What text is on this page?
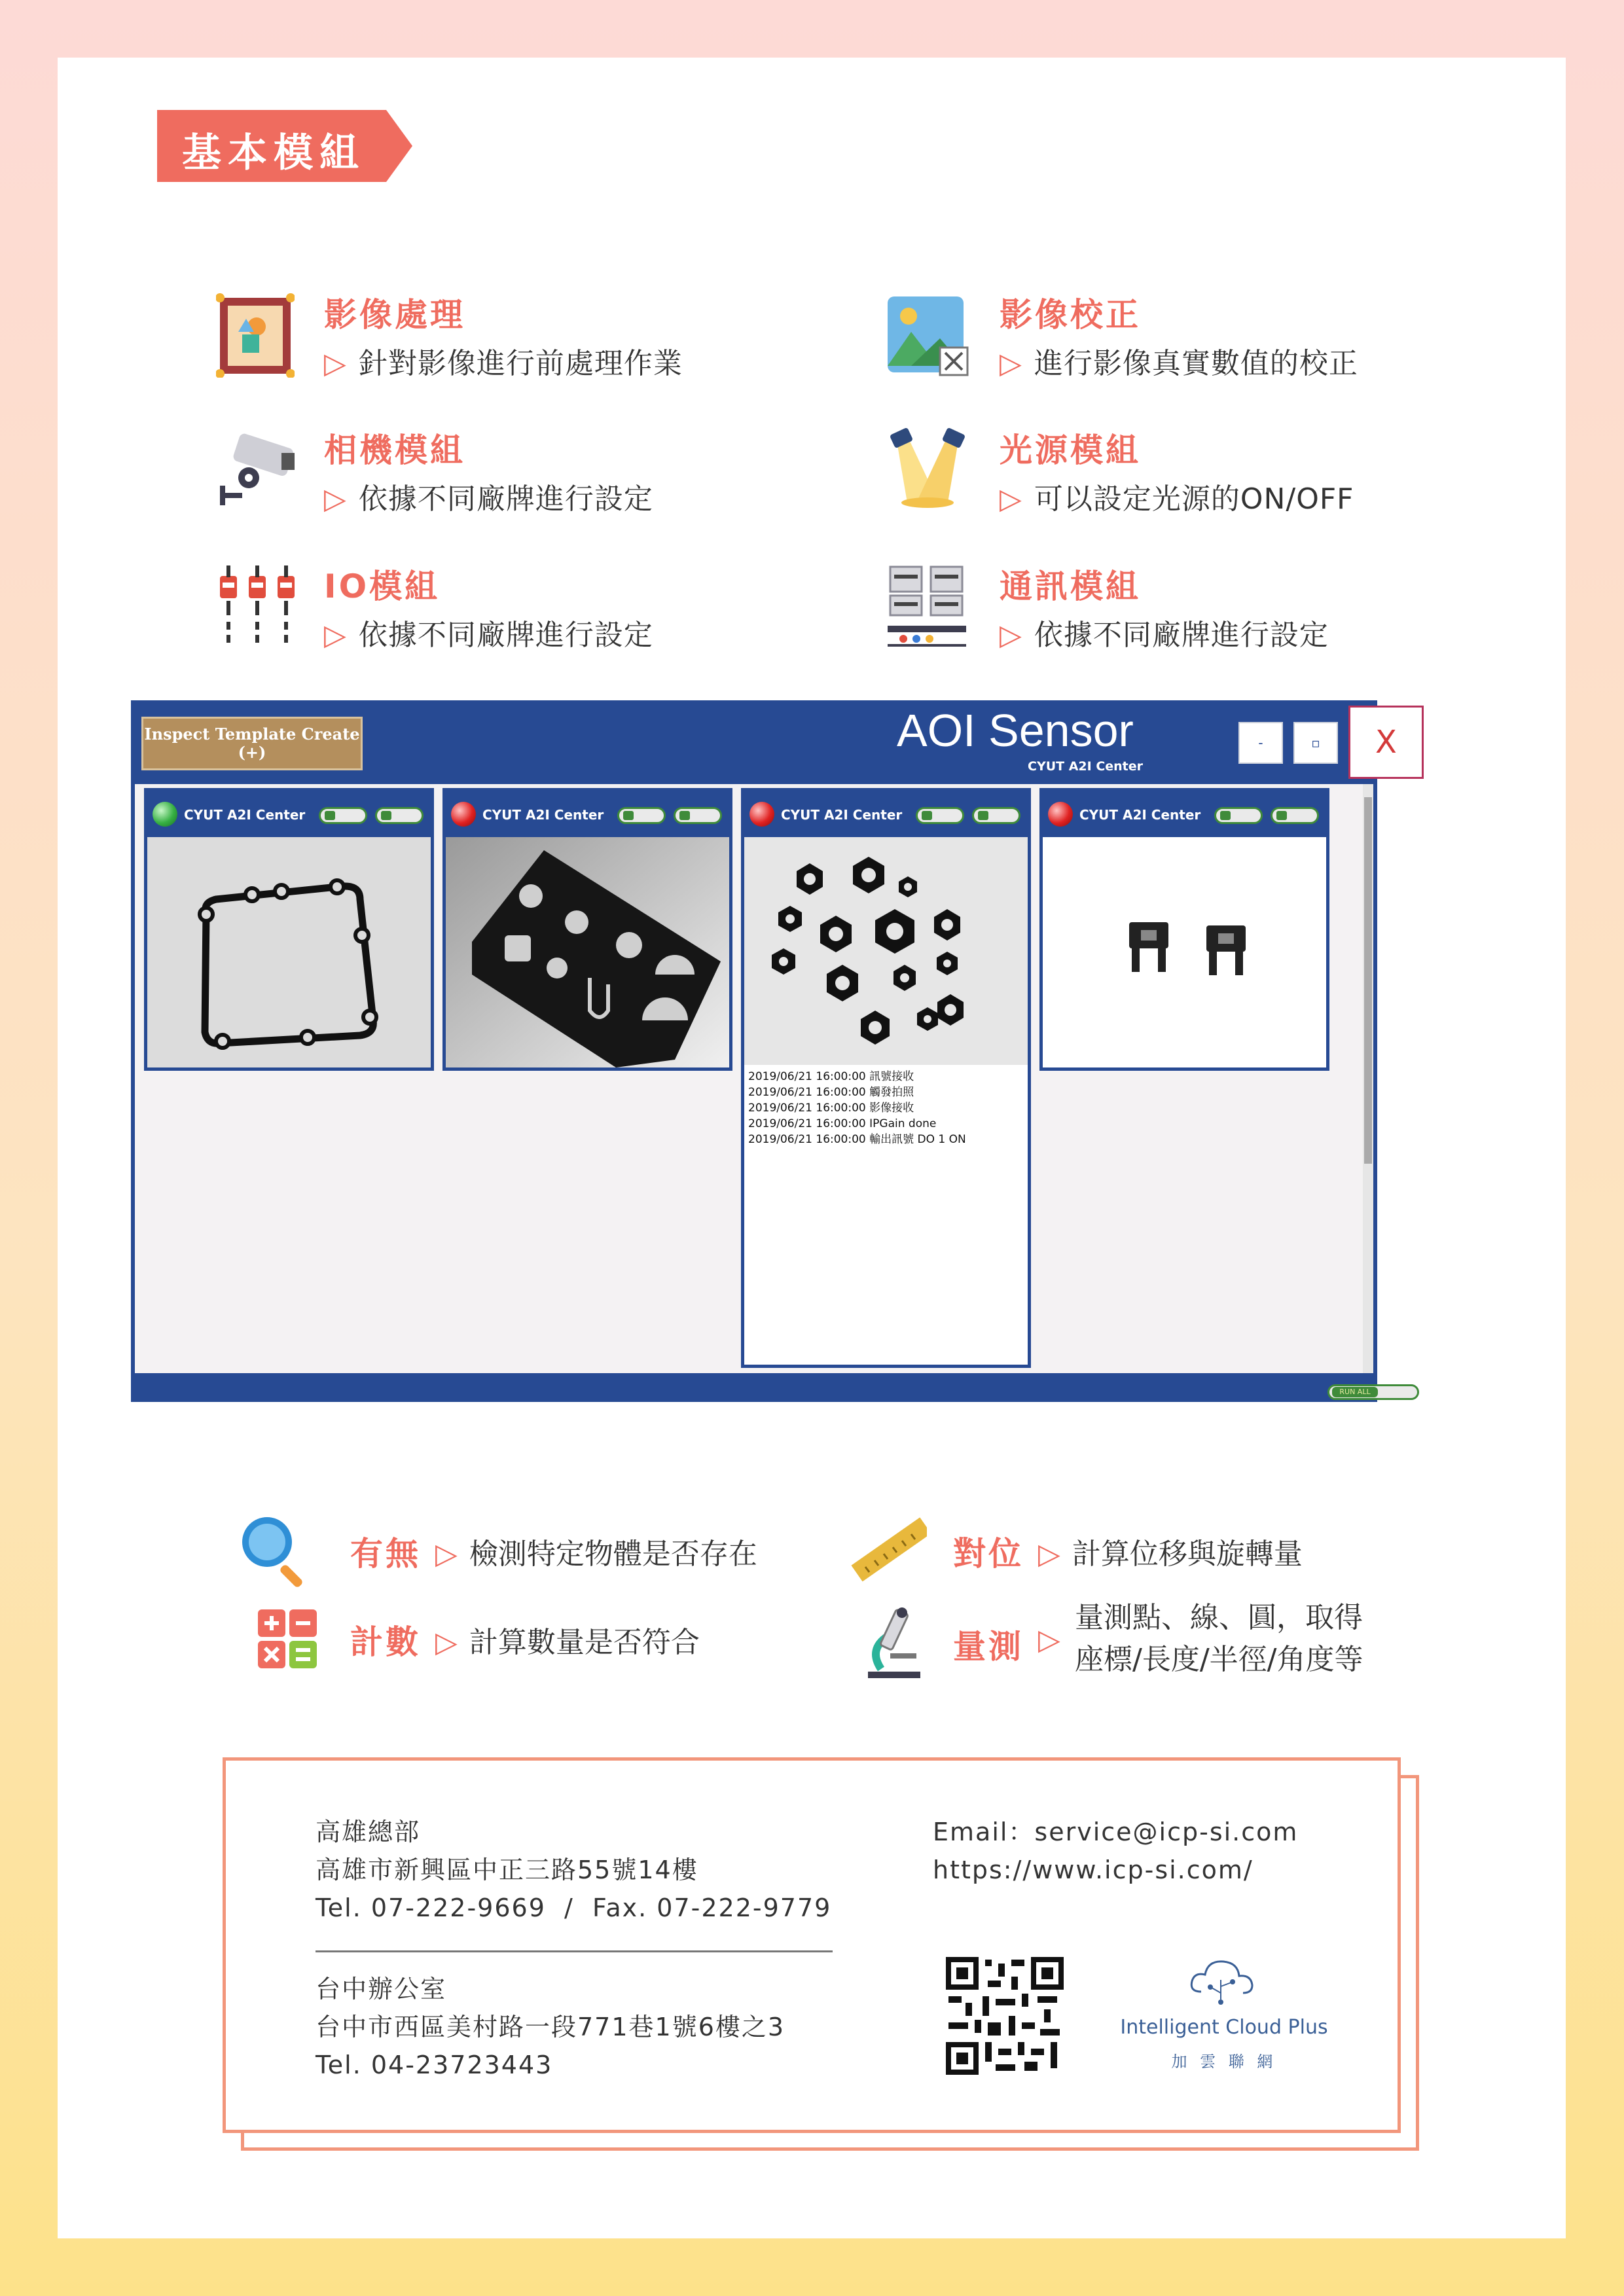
基本模組
影像處理
▷ 針對影像進行前處理作業
影像校正
▷ 進行影像真實數值的校正
相機模組
▷ 依據不同廠牌進行設定
光源模組
▷ 可以設定光源的ON/OFF
IO模組
▷ 依據不同廠牌進行設定
通訊模組
▷ 依據不同廠牌進行設定
Inspect Template Create
(+)	AOI Sensor
CYUT A2I Center
-	▫	X
CYUT A2I Center	CYUT A2I Center	CYUT A2I Center
2019/06/21 16:00:00 訊號接收
2019/06/21 16:00:00 觸發拍照
2019/06/21 16:00:00 影像接收
2019/06/21 16:00:00 IPGain done
2019/06/21 16:00:00 輸出訊號 DO 1 ON
CYUT A2I Center
RUN ALL
有無 ▷ 檢測特定物體是否存在	對位 ▷ 計算位移與旋轉量
計數 ▷ 計算數量是否符合	量測 ▷
量測點、線、圓，取得
座標/長度/半徑/角度等
高雄總部
高雄市新興區中正三路55號14樓
Tel. 07-222-9669  /  Fax. 07-222-9779
台中辦公室
台中市西區美村路一段771巷1號6樓之3
Tel. 04-23723443
Email：service@icp-si.com
https://www.icp-si.com/
Intelligent Cloud Plus
加 雲 聯 網
